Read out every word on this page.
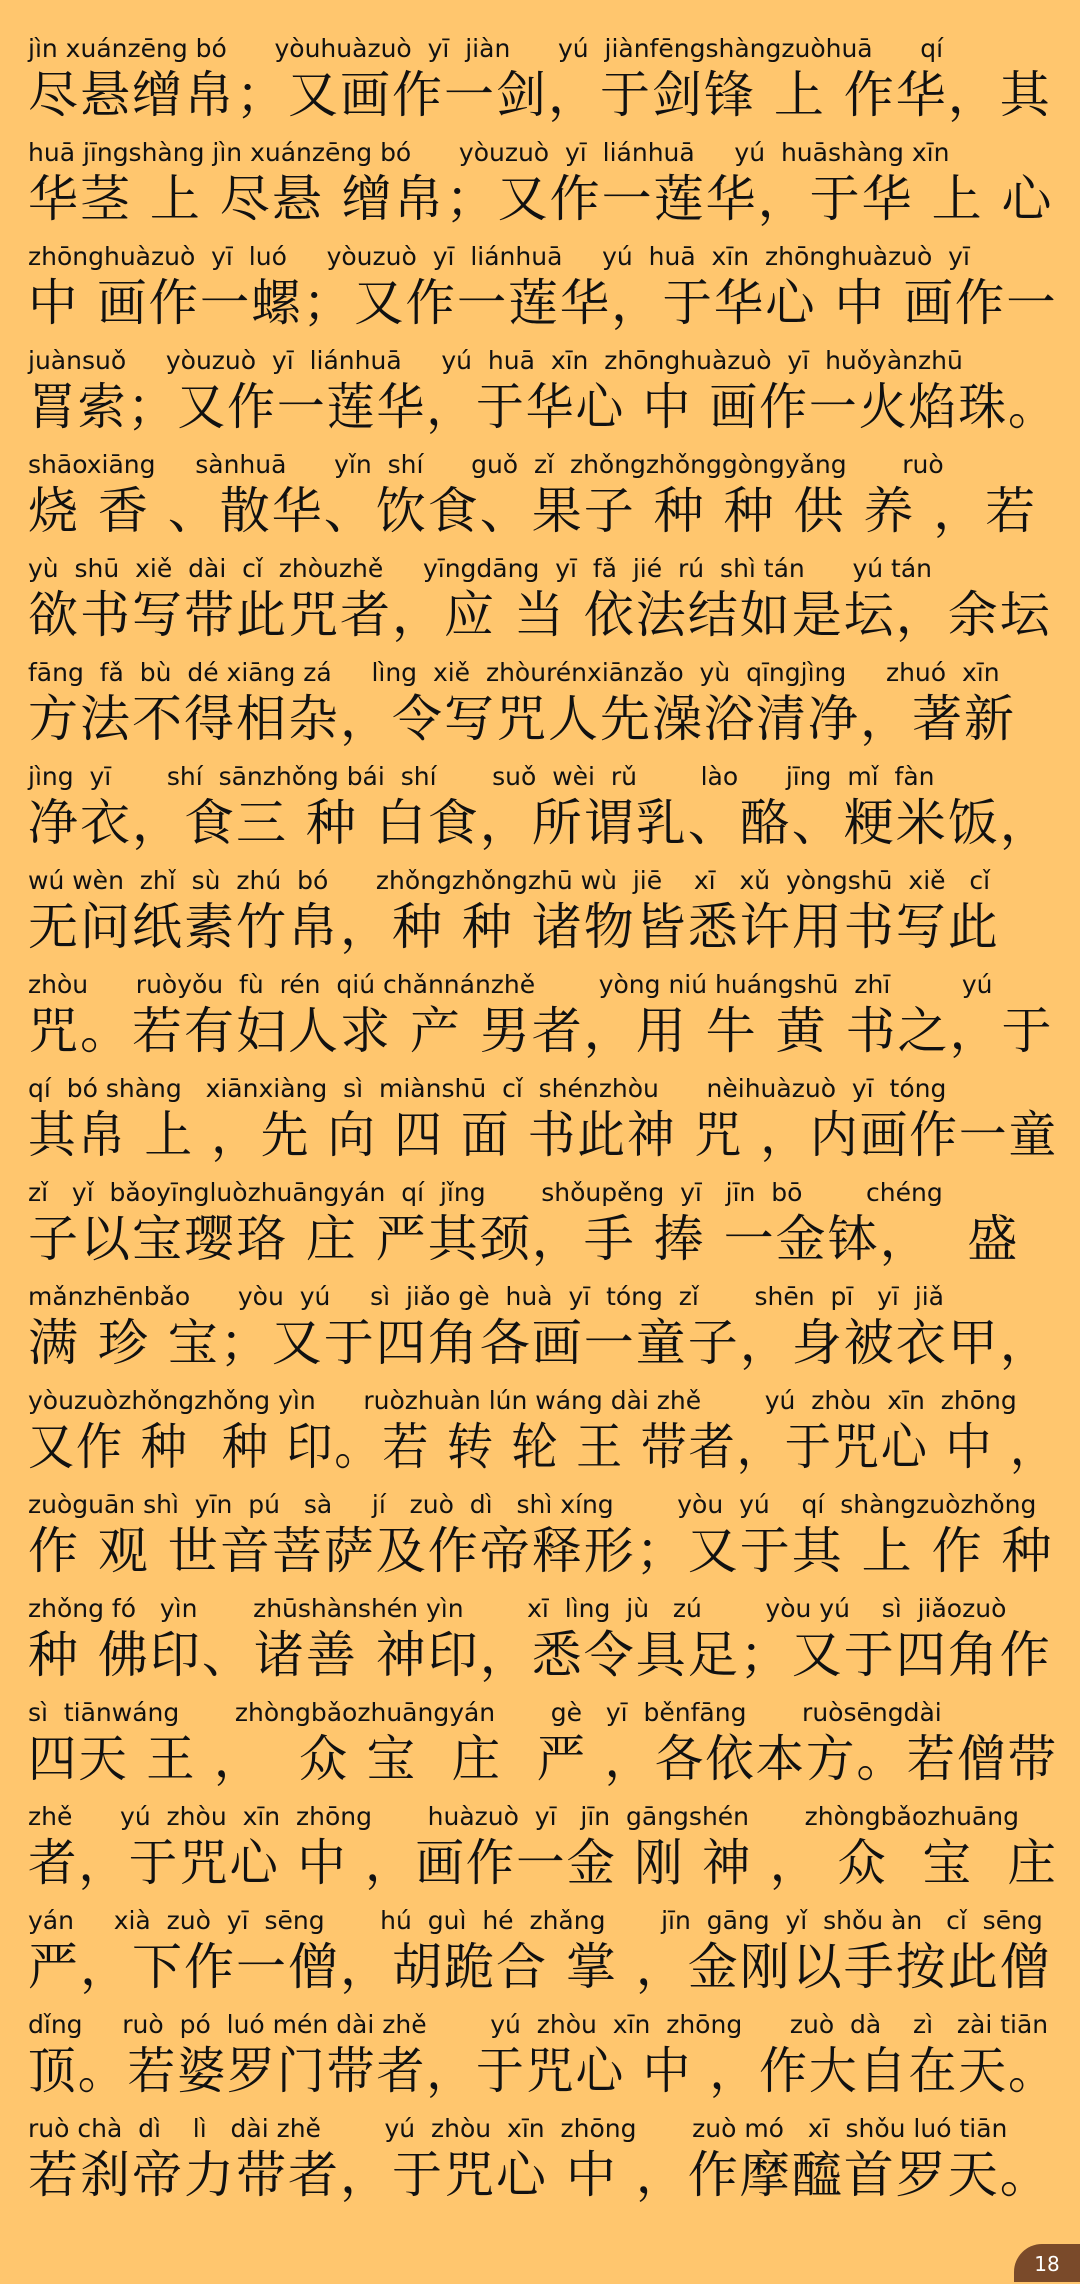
jìn xuánzēng bó      yòuhuàzuò  yī  jiàn      yú  jiànfēngshàngzuòhuā      qí
尽悬缯帛；又画作一剑，于剑锋 上 作华，其
huā jīngshàng jìn xuánzēng bó      yòuzuò  yī  liánhuā     yú  huāshàng xīn
华茎 上 尽悬 缯帛；又作一莲华，于华 上 心
zhōnghuàzuò  yī  luó     yòuzuò  yī  liánhuā     yú  huā  xīn  zhōnghuàzuò  yī
中 画作一螺；又作一莲华，于华心 中 画作一
juànsuǒ     yòuzuò  yī  liánhuā     yú  huā  xīn  zhōnghuàzuò  yī  huǒyànzhū
罥索；又作一莲华，于华心 中 画作一火焰珠。
shāoxiāng     sànhuā      yǐn  shí      guǒ  zǐ  zhǒngzhǒnggòngyǎng       ruò
烧 香 、散华、饮食、果子 种 种 供 养 ，若
yù  shū  xiě  dài  cǐ  zhòuzhě     yīngdāng  yī  fǎ  jié  rú  shì tán      yú tán
欲书写带此咒者，应 当 依法结如是坛，余坛
fāng  fǎ  bù  dé xiāng zá     lìng  xiě  zhòurénxiānzǎo  yù  qīngjìng     zhuó  xīn
方法不得相杂，令写咒人先澡浴清净，著新
jìng  yī       shí  sānzhǒng bái  shí       suǒ  wèi  rǔ        lào      jīng  mǐ  fàn
净衣，食三 种 白食，所谓乳、酪、粳米饭，
wú wèn  zhǐ  sù  zhú  bó      zhǒngzhǒngzhū wù  jiē    xī   xǔ  yòngshū  xiě   cǐ
无问纸素竹帛，种 种 诸物皆悉许用书写此
zhòu      ruòyǒu  fù  rén  qiú chǎnnánzhě        yòng niú huángshū  zhī         yú
咒。若有妇人求 产 男者，用 牛 黄 书之，于
qí  bó shàng   xiānxiàng  sì  miànshū  cǐ  shénzhòu      nèihuàzuò  yī  tóng
其帛 上 ，先 向 四 面 书此神 咒 ，内画作一童
zǐ   yǐ  bǎoyīngluòzhuāngyán  qí  jǐng       shǒupěng  yī   jīn  bō        chéng
子以宝璎珞 庄 严其颈，手 捧 一金钵，  盛
mǎnzhēnbǎo      yòu  yú     sì  jiǎo gè  huà  yī  tóng  zǐ       shēn  pī   yī  jiǎ
满 珍 宝；又于四角各画一童子，身被衣甲，
yòuzuòzhǒngzhǒng yìn      ruòzhuàn lún wáng dài zhě        yú  zhòu  xīn  zhōng
又作 种  种 印。若 转 轮 王 带者，于咒心 中 ，
zuòguān shì  yīn  pú   sà     jí   zuò  dì   shì xíng        yòu  yú    qí  shàngzuòzhǒng
作 观 世音菩萨及作帝释形；又于其 上 作 种
zhǒng fó   yìn       zhūshànshén yìn        xī  lìng  jù   zú        yòu yú    sì  jiǎozuò
种 佛印、诸善 神印，悉令具足；又于四角作
sì  tiānwáng       zhòngbǎozhuāngyán       gè   yī  běnfāng       ruòsēngdài
四天 王 ，  众 宝  庄  严 ，各依本方。若僧带
zhě      yú  zhòu  xīn  zhōng       huàzuò  yī   jīn  gāngshén       zhòngbǎozhuāng
者，于咒心 中 ，画作一金 刚 神 ， 众  宝  庄
yán     xià  zuò  yī  sēng       hú  guì  hé  zhǎng       jīn  gāng  yǐ  shǒu àn   cǐ  sēng
严，下作一僧，胡跪合 掌 ，金刚以手按此僧
dǐng     ruò  pó  luó mén dài zhě        yú  zhòu  xīn  zhōng      zuò  dà    zì   zài tiān
顶。若婆罗门带者，于咒心 中 ，作大自在天。
ruò chà  dì    lì   dài zhě        yú  zhòu  xīn  zhōng       zuò mó   xī  shǒu luó tiān
若刹帝力带者，于咒心 中 ，作摩醯首罗天。
18
